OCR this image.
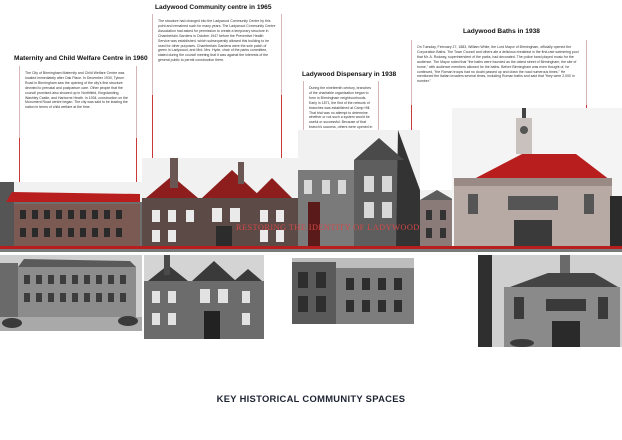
Maternity and Child Welfare Centre in 1960
Ladywood Community centre in 1965
Ladywood Dispensary in 1938
Ladywood Baths in 1938

The City of Birmingham Maternity and Child Welfare Centre was located immediately after Oak Place. In December 1930, Tyburn Road in Birmingham saw the opening of the city's first structure devoted to prenatal and postpartum care. Other people that the council promised also showed up in Northfield, Kingstanding, Washley Castle, and Harborne Heath. In 1934, construction on the Monument Road centre began. The city was said to be leading the nation in terms of child welfare at the time.

The structure had changed into the Ladywood Community Centre by this point and remained such for many years. The Ladywood Community Centre Association had asked for permission to create a temporary structure in Chamberlain Gardens in October 1947 before the Preventive Health Service was established, which subsequently allowed this building to be used for other purposes. Chamberlain Gardens were the sole patch of green in Ladywood, and Mrd. Mrs. Hyde, chair of the parks committee, stated during the council meeting that it was against the interests of the general public to permit construction there.

During the nineteenth century, branches of the charitable organisation began to form in Birmingham neighbourhoods. Early in 1871, the first of the network of branches was established at Camp Hill. That trial was no attempt to determine whether or not such a system would be useful or successful. Because of that branch's success, others were opened in

On Tuesday, February 27, 1883, William White, the Lord Mayor of Birmingham, officially opened the Corporation Baths. The Town Council and others ate a delicious breakfast in the first-rate swimming pool that Mr. A. Rodway, superintendent of the parks, had decorated. The police band played music for the audience. The Mayor noted that "the baths were founded as the oldest street of Birmingham, the site of home," with audience members allowed for the baths. Before Birmingham was even thought of, he continued, "the Roman troops had no doubt passed up and down the road numerous times." He mentioned the Italian invaders several times, including Roman baths and said that "they were 2,000 in number."

RESTORING THE IDENTITY OF LADYWOOD
KEY HISTORICAL COMMUNITY SPACES
